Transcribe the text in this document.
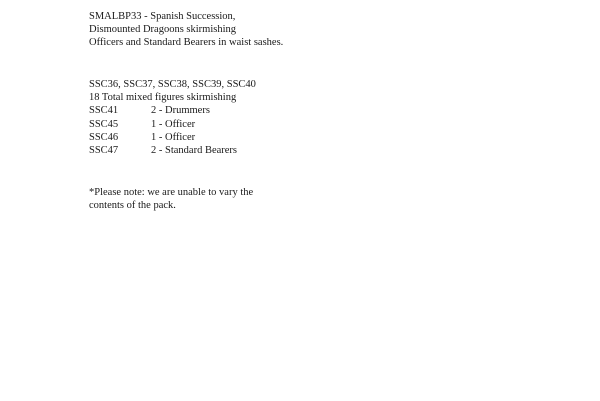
SMALBP33 - Spanish Succession,
Dismounted Dragoons skirmishing
Officers and Standard Bearers in waist sashes.
SSC36, SSC37, SSC38, SSC39, SSC40
18 Total mixed figures skirmishing
SSC41	2 - Drummers
SSC45	1 - Officer
SSC46	1 - Officer
SSC47	2 - Standard Bearers
*Please note: we are unable to vary the
contents of the pack.
